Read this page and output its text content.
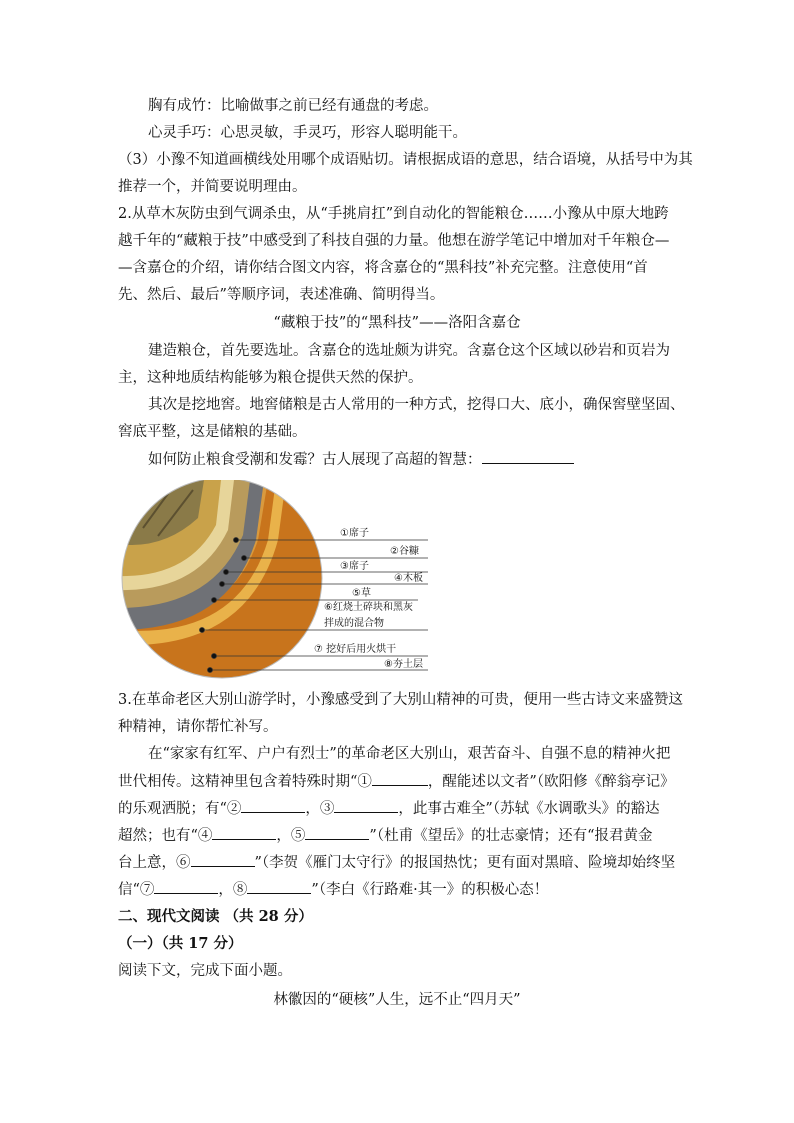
胸有成竹：比喻做事之前已经有通盘的考虑。
心灵手巧：心思灵敏，手灵巧，形容人聪明能干。
（3）小豫不知道画横线处用哪个成语贴切。请根据成语的意思，结合语境，从括号中为其
推荐一个，并简要说明理由。
2.从草木灰防虫到气调杀虫，从“手挑肩扛”到自动化的智能粮仓……小豫从中原大地跨
越千年的“藏粮于技”中感受到了科技自强的力量。他想在游学笔记中增加对千年粮仓—
—含嘉仓的介绍，请你结合图文内容，将含嘉仓的“黑科技”补充完整。注意使用“首
先、然后、最后”等顺序词，表述准确、简明得当。
“藏粮于技”的“黑科技”——洛阳含嘉仓
建造粮仓，首先要选址。含嘉仓的选址颇为讲究。含嘉仓这个区域以砂岩和页岩为
主，这种地质结构能够为粮仓提供天然的保护。
其次是挖地窖。地窖储粮是古人常用的一种方式，挖得口大、底小，确保窖壁坚固、
窖底平整，这是储粮的基础。
如何防止粮食受潮和发霉？古人展现了高超的智慧：
①席子
②谷糠
③席子
④木板
⑤草
⑥红烧土碎块和黑灰
拌成的混合物
⑦ 挖好后用火烘干
⑧夯土层
3.在革命老区大别山游学时，小豫感受到了大别山精神的可贵，便用一些古诗文来盛赞这
种精神，请你帮忙补写。
在“家家有红军、户户有烈士”的革命老区大别山，艰苦奋斗、自强不息的精神火把
世代相传。这精神里包含着特殊时期“①	，醒能述以文者”（欧阳修《醉翁亭记》
的乐观洒脱；有“②	，③	，此事古难全”（苏轼《水调歌头》的豁达
超然；也有“④	，⑤	”（杜甫《望岳》的壮志豪情；还有“报君黄金
台上意，⑥	”（李贺《雁门太守行》的报国热忱；更有面对黑暗、险境却始终坚
信“⑦	，⑧	”（李白《行路难·其一》的积极心态！
二、现代文阅读 （共 28 分）
（一）（共 17 分）
阅读下文，完成下面小题。
林徽因的“硬核”人生，远不止“四月天”
